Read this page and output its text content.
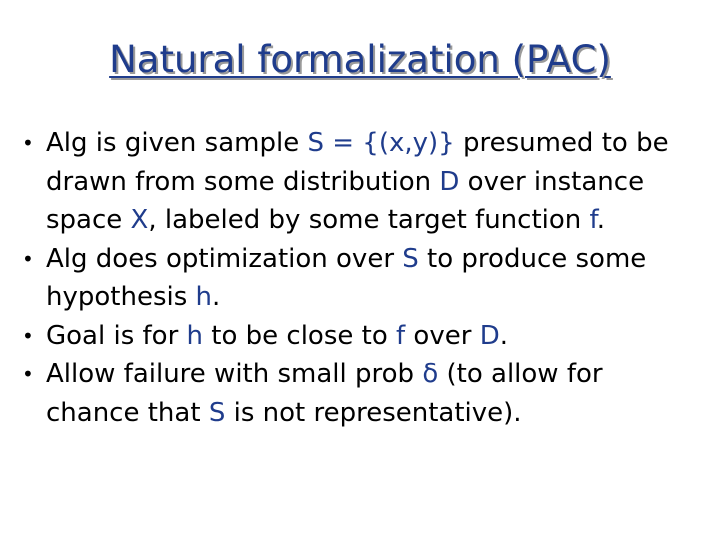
Natural formalization (PAC)
• Alg is given sample S = {(x,y)} presumed to be drawn from some distribution D over instance space X, labeled by some target function f.
• Alg does optimization over S to produce some hypothesis h.
• Goal is for h to be close to f over D.
• Allow failure with small prob δ (to allow for chance that S is not representative).
